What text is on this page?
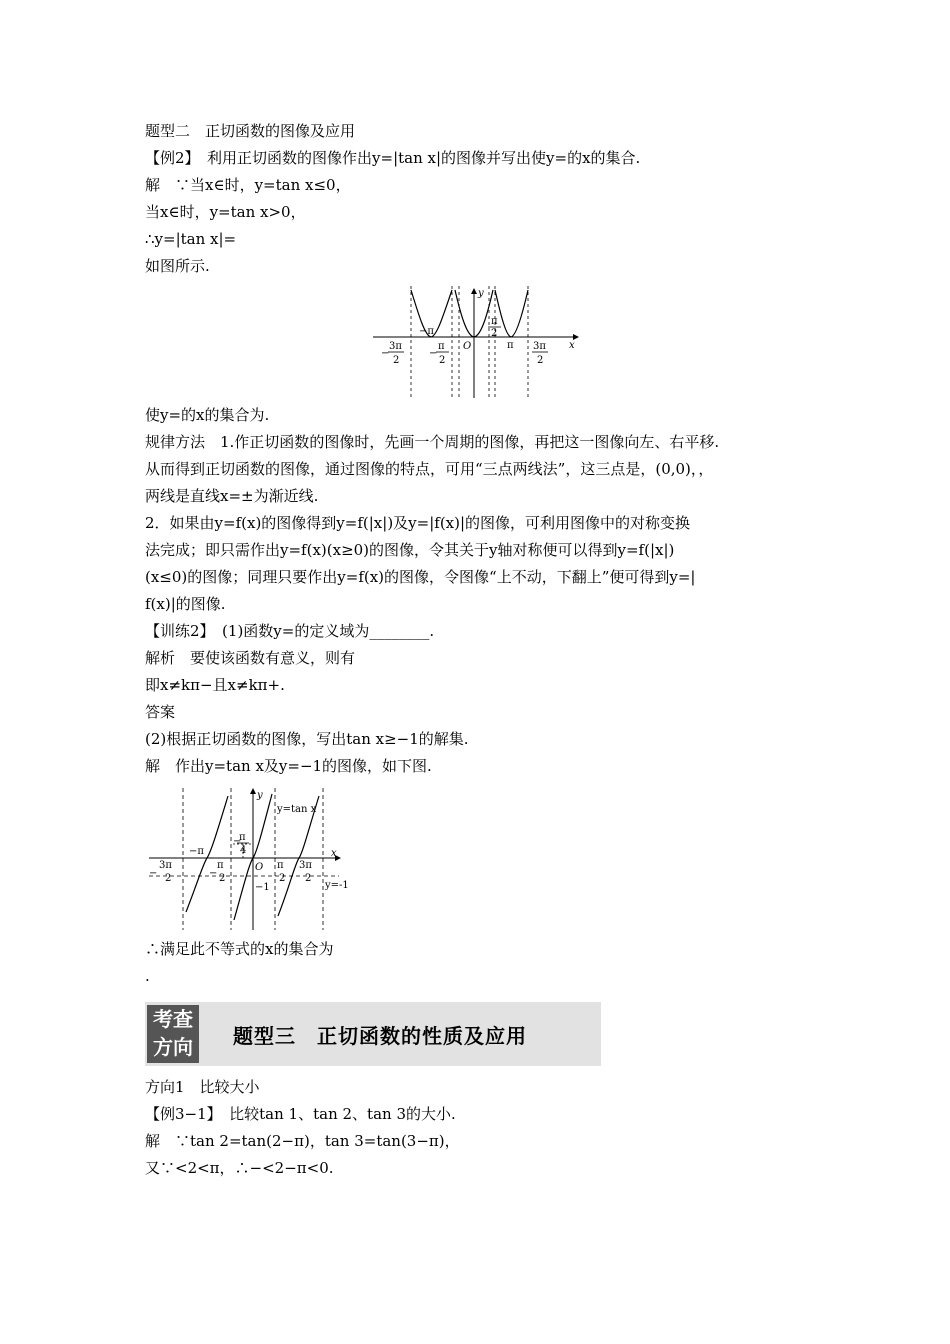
题型二　正切函数的图像及应用
【例2】　利用正切函数的图像作出y=|tan x|的图像并写出使y=的x的集合.
解　∵当x∈时，y=tan x≤0，
当x∈时，y=tan x>0，
∴y=|tan x|=
如图所示.
y
x
O
−π
π
π
2
−
3π
2
−
π
2
3π
2
使y=的x的集合为.
规律方法　1.作正切函数的图像时，先画一个周期的图像，再把这一图像向左、右平移.
从而得到正切函数的图像，通过图像的特点，可用“三点两线法”，这三点是，(0,0)，，
两线是直线x=±为渐近线.
2．如果由y=f(x)的图像得到y=f(|x|)及y=|f(x)|的图像，可利用图像中的对称变换
法完成；即只需作出y=f(x)(x≥0)的图像，令其关于y轴对称便可以得到y=f(|x|)
(x≤0)的图像；同理只要作出y=f(x)的图像，令图像“上不动，下翻上”便可得到y=|
f(x)|的图像.
【训练2】　(1)函数y=的定义域为________.
解析　要使该函数有意义，则有
即x≠kπ−且x≠kπ+.
答案
(2)根据正切函数的图像，写出tan x≥−1的解集.
解　作出y=tan x及y=−1的图像，如下图.
y
x
y=tan x
y=-1
O
−π
−1
−
π
4
−
3π
2	−
π
2
π
2
3π
2
∴满足此不等式的x的集合为
.
考查
方向	题型三　正切函数的性质及应用
方向1　比较大小
【例3−1】　比较tan 1、tan 2、tan 3的大小.
解　∵tan 2=tan(2−π)，tan 3=tan(3−π)，
又∵<2<π，∴−<2−π<0.
